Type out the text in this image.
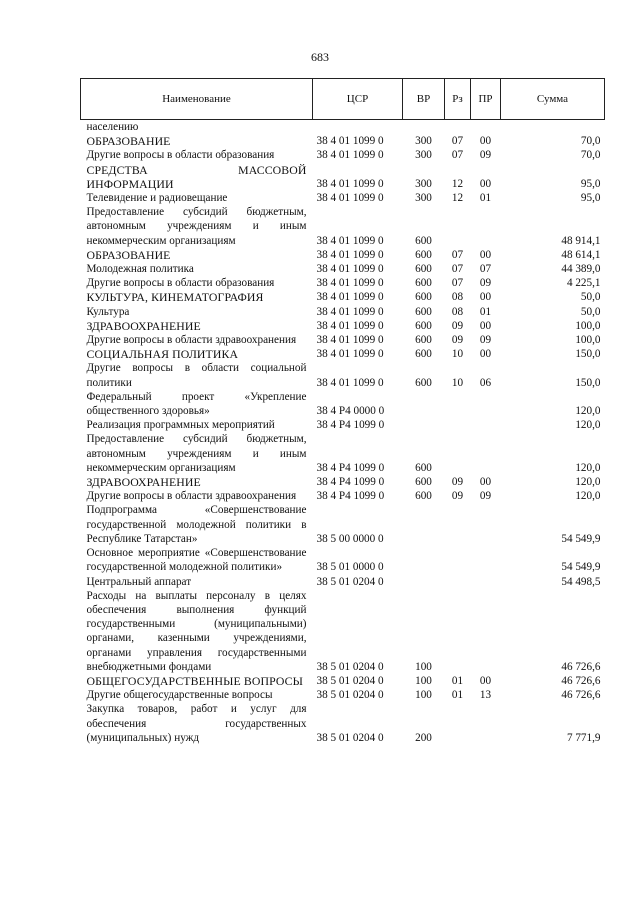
683
Наименование	ЦСР	ВР	Рз	ПР	Сумма

населению					

ОБРАЗОВАНИЕ	38 4 01 1099 0	300	07	00	70,0

Другие вопросы в области образования	38 4 01 1099 0	300	07	09	70,0

СРЕДСТВА МАССОВОЙ ИНФОРМАЦИИ	38 4 01 1099 0	300	12	00	95,0

Телевидение и радиовещание	38 4 01 1099 0	300	12	01	95,0

Предоставление субсидий бюджетным, автономным учреждениям и иным некоммерческим организациям	38 4 01 1099 0	600			48 914,1

ОБРАЗОВАНИЕ	38 4 01 1099 0	600	07	00	48 614,1

Молодежная политика	38 4 01 1099 0	600	07	07	44 389,0

Другие вопросы в области образования	38 4 01 1099 0	600	07	09	4 225,1

КУЛЬТУРА, КИНЕМАТОГРАФИЯ	38 4 01 1099 0	600	08	00	50,0

Культура	38 4 01 1099 0	600	08	01	50,0

ЗДРАВООХРАНЕНИЕ	38 4 01 1099 0	600	09	00	100,0

Другие вопросы в области здравоохранения	38 4 01 1099 0	600	09	09	100,0

СОЦИАЛЬНАЯ ПОЛИТИКА	38 4 01 1099 0	600	10	00	150,0

Другие вопросы в области социальной политики	38 4 01 1099 0	600	10	06	150,0

Федеральный проект «Укрепление общественного здоровья»	38 4 P4 0000 0				120,0

Реализация программных мероприятий	38 4 P4 1099 0				120,0

Предоставление субсидий бюджетным, автономным учреждениям и иным некоммерческим организациям	38 4 P4 1099 0	600			120,0

ЗДРАВООХРАНЕНИЕ	38 4 P4 1099 0	600	09	00	120,0

Другие вопросы в области здравоохранения	38 4 P4 1099 0	600	09	09	120,0

Подпрограмма «Совершенствование государственной молодежной политики в Республике Татарстан»	38 5 00 0000 0				54 549,9

Основное мероприятие «Совершенствование государственной молодежной политики»	38 5 01 0000 0				54 549,9

Центральный аппарат	38 5 01 0204 0				54 498,5

Расходы на выплаты персоналу в целях обеспечения выполнения функций государственными (муниципальными) органами, казенными учреждениями, органами управления государственными внебюджетными фондами	38 5 01 0204 0	100			46 726,6

ОБЩЕГОСУДАРСТВЕННЫЕ ВОПРОСЫ	38 5 01 0204 0	100	01	00	46 726,6

Другие общегосударственные вопросы	38 5 01 0204 0	100	01	13	46 726,6

Закупка товаров, работ и услуг для обеспечения государственных (муниципальных) нужд	38 5 01 0204 0	200			7 771,9
